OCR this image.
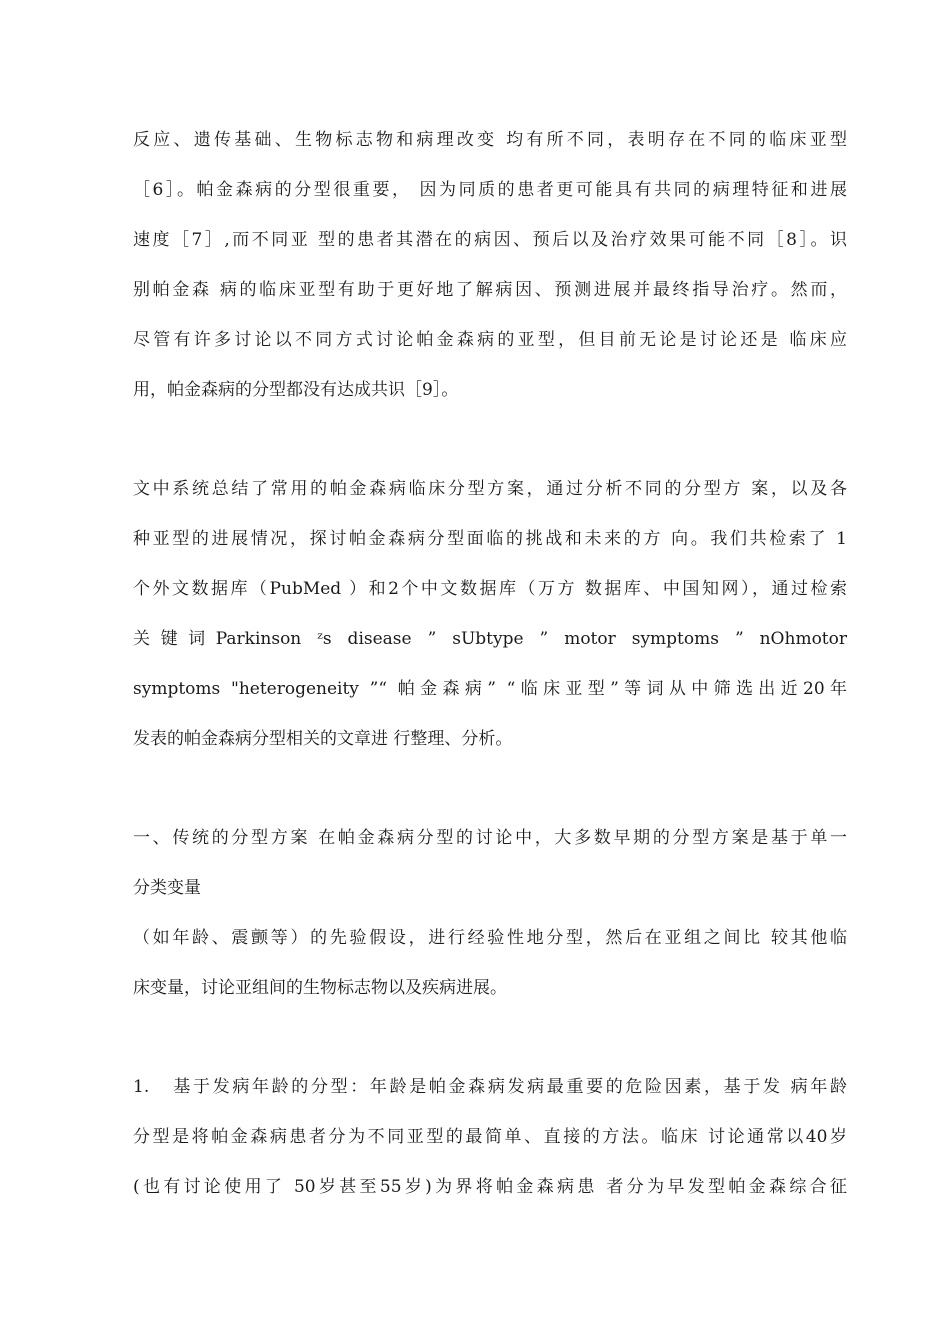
反应、遗传基础、生物标志物和病理改变 均有所不同，表明存在不同的临床亚型
［6］。帕金森病的分型很重要， 因为同质的患者更可能具有共同的病理特征和进展
速度［7］,而不同亚 型的患者其潜在的病因、预后以及治疗效果可能不同［8］。识
别帕金森 病的临床亚型有助于更好地了解病因、预测进展并最终指导治疗。然而，
尽管有许多讨论以不同方式讨论帕金森病的亚型，但目前无论是讨论还是 临床应
用，帕金森病的分型都没有达成共识［9］。
文中系统总结了常用的帕金森病临床分型方案，通过分析不同的分型方 案，以及各
种亚型的进展情况，探讨帕金森病分型面临的挑战和未来的方 向。我们共检索了 1
个外文数据库（PubMed ）和2个中文数据库（万方 数据库、中国知网），通过检索
关键词Parkinson ᶻs disease ” sUbtype ” motor symptoms ” nOhmotor
symptoms "heterogeneity ”“ 帕金森病” “临床亚型”等词从中筛选出近20年
发表的帕金森病分型相关的文章进 行整理、分析。
一、传统的分型方案 在帕金森病分型的讨论中，大多数早期的分型方案是基于单一
分类变量
（如年龄、震颤等）的先验假设，进行经验性地分型，然后在亚组之间比 较其他临
床变量，讨论亚组间的生物标志物以及疾病进展。
1.   基于发病年龄的分型：年龄是帕金森病发病最重要的危险因素，基于发 病年龄
分型是将帕金森病患者分为不同亚型的最简单、直接的方法。临床 讨论通常以40岁
(也有讨论使用了 50岁甚至55岁)为界将帕金森病患 者分为早发型帕金森综合征
